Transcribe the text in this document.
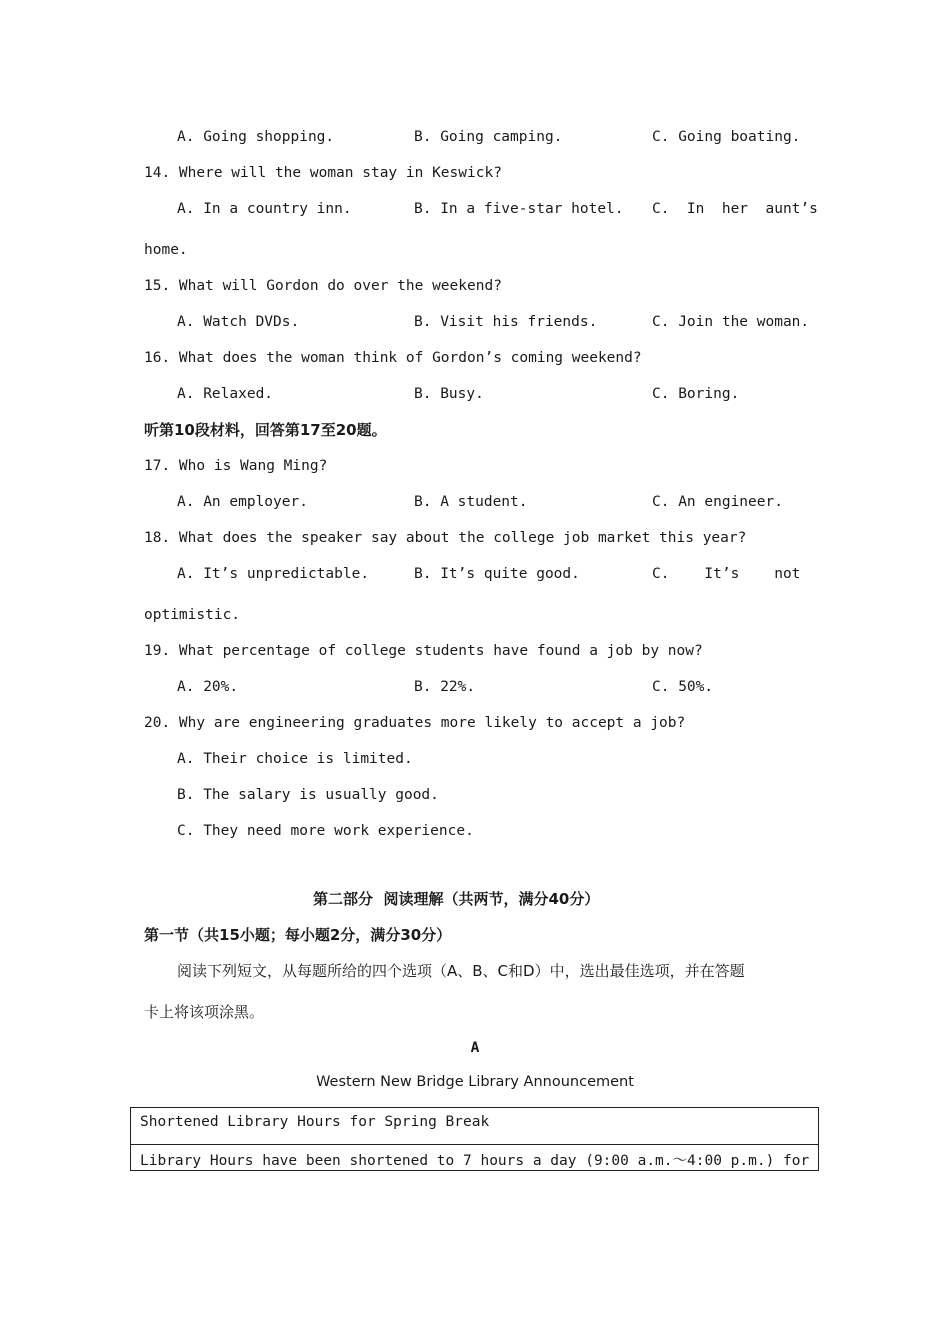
A. Going shopping.	B. Going camping.	C. Going boating.
14. Where will the woman stay in Keswick?
A. In a country inn.	B. In a five-star hotel. C.  In  her  aunt’s
home.
15. What will Gordon do over the weekend?
A. Watch DVDs.	B. Visit his friends.	C. Join the woman.
16. What does the woman think of Gordon’s coming weekend?
A. Relaxed.	B. Busy.	C. Boring.
听第10段材料，回答第17至20题。
17. Who is Wang Ming?
A. An employer.	B. A student.	C. An engineer.
18. What does the speaker say about the college job market this year?
A. It’s unpredictable.	B. It’s quite good.	C.    It’s    not
optimistic.
19. What percentage of college students have found a job by now?
A. 20%.	B. 22%.	C. 50%.
20. Why are engineering graduates more likely to accept a job?
A. Their choice is limited.
B. The salary is usually good.
C. They need more work experience.
第二部分  阅读理解（共两节，满分40分）
第一节（共15小题；每小题2分，满分30分）
阅读下列短文，从每题所给的四个选项（A、B、C和D）中，选出最佳选项，并在答题
卡上将该项涂黑。
A
Western New Bridge Library Announcement
Shortened Library Hours for Spring Break
Library Hours have been shortened to 7 hours a day (9:00 a.m.～4:00 p.m.) for
